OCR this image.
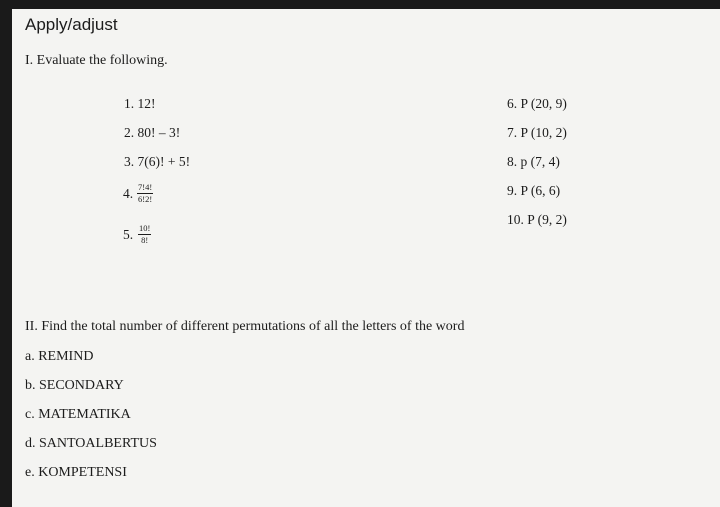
Apply/adjust
I. Evaluate the following.
1. 12!
2. 80! – 3!
3. 7(6)! + 5!
4. $\frac{7!4!}{6!2!}$
5. $\frac{10!}{8!}$
6. P (20, 9)
7. P (10, 2)
8. p (7, 4)
9. P (6, 6)
10. P (9, 2)
II. Find the total number of different permutations of all the letters of the word
a. REMIND
b. SECONDARY
c. MATEMATIKA
d. SANTOALBERTUS
e. KOMPETENSI
